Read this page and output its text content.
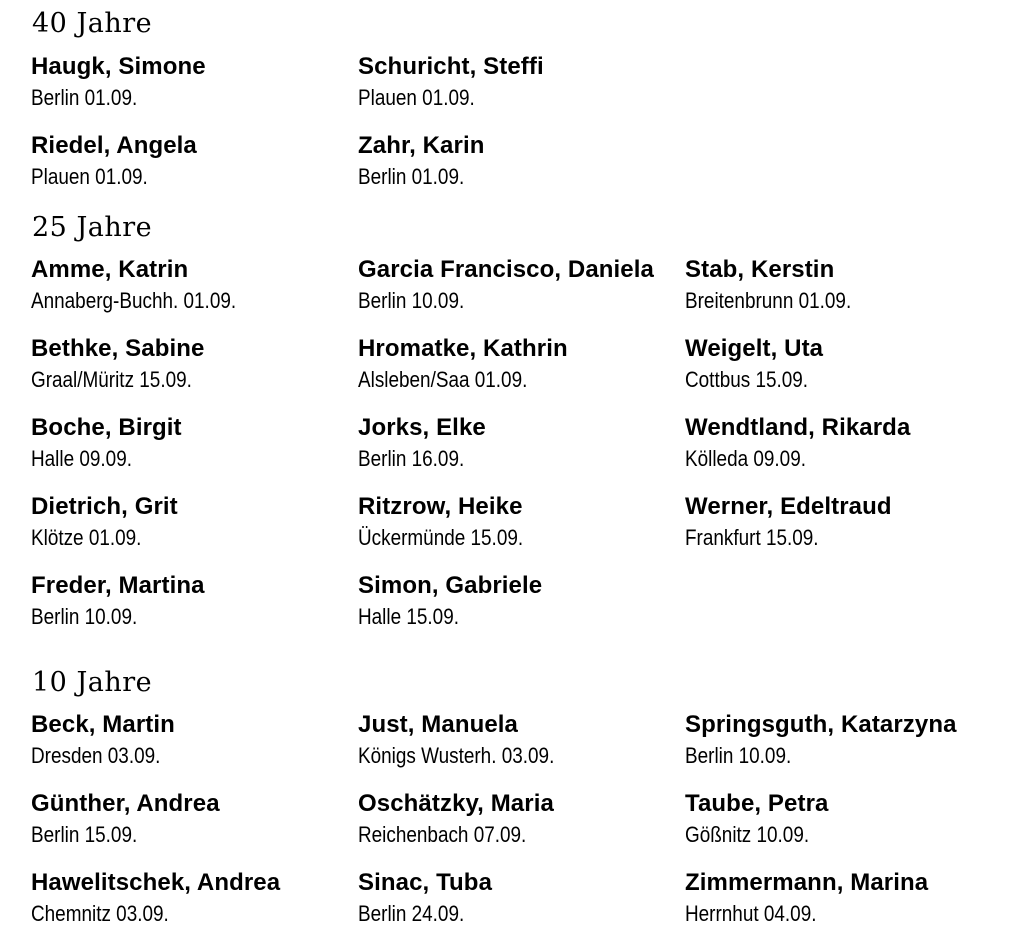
40 Jahre
Haugk, Simone
Berlin 01.09.
Schuricht, Steffi
Plauen 01.09.
Riedel, Angela
Plauen 01.09.
Zahr, Karin
Berlin 01.09.
25 Jahre
Amme, Katrin
Annaberg-Buchh. 01.09.
Bethke, Sabine
Graal/Müritz 15.09.
Boche, Birgit
Halle 09.09.
Dietrich, Grit
Klötze 01.09.
Freder, Martina
Berlin 10.09.
Garcia Francisco, Daniela
Berlin 10.09.
Hromatke, Kathrin
Alsleben/Saa 01.09.
Jorks, Elke
Berlin 16.09.
Ritzrow, Heike
Ückermünde 15.09.
Simon, Gabriele
Halle 15.09.
Stab, Kerstin
Breitenbrunn 01.09.
Weigelt, Uta
Cottbus 15.09.
Wendtland, Rikarda
Kölleda 09.09.
Werner, Edeltraud
Frankfurt 15.09.
10 Jahre
Beck, Martin
Dresden 03.09.
Günther, Andrea
Berlin 15.09.
Hawelitschek, Andrea
Chemnitz 03.09.
Just, Manuela
Königs Wusterh. 03.09.
Oschätzky, Maria
Reichenbach 07.09.
Sinac, Tuba
Berlin 24.09.
Springsguth, Katarzyna
Berlin 10.09.
Taube, Petra
Gößnitz 10.09.
Zimmermann, Marina
Herrnhut 04.09.
